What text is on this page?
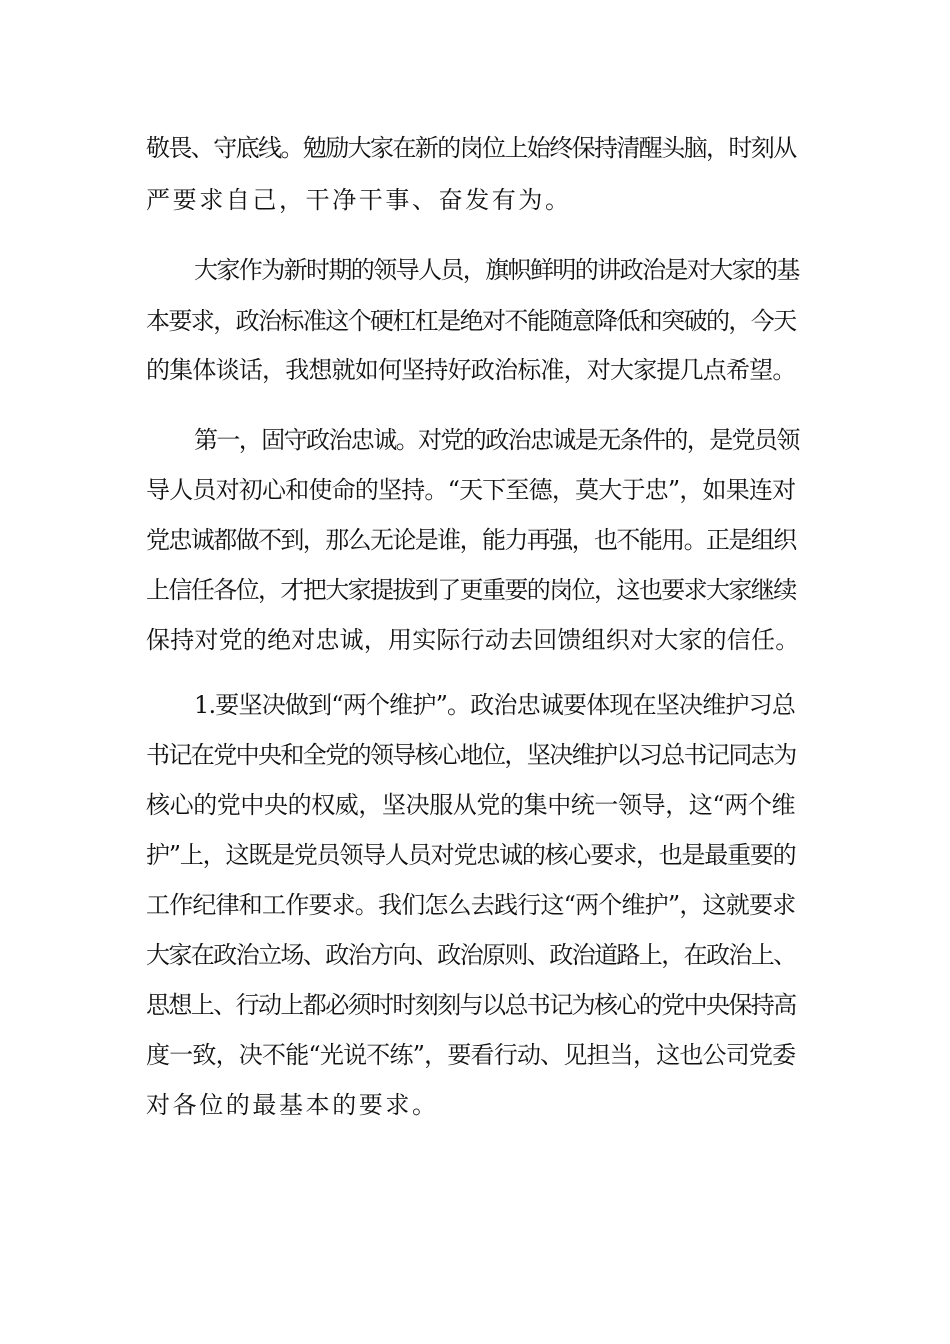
敬畏、守底线。勉励大家在新的岗位上始终保持清醒头脑，时刻从

严要求自己，干净干事、奋发有为。

大家作为新时期的领导人员，旗帜鲜明的讲政治是对大家的基

本要求，政治标准这个硬杠杠是绝对不能随意降低和突破的，今天

的集体谈话，我想就如何坚持好政治标准，对大家提几点希望。

第一，固守政治忠诚。对党的政治忠诚是无条件的，是党员领

导人员对初心和使命的坚持。“天下至德，莫大于忠”，如果连对

党忠诚都做不到，那么无论是谁，能力再强，也不能用。正是组织

上信任各位，才把大家提拔到了更重要的岗位，这也要求大家继续

保持对党的绝对忠诚，用实际行动去回馈组织对大家的信任。

1.要坚决做到“两个维护”。政治忠诚要体现在坚决维护习总

书记在党中央和全党的领导核心地位，坚决维护以习总书记同志为

核心的党中央的权威，坚决服从党的集中统一领导，这“两个维

护”上，这既是党员领导人员对党忠诚的核心要求，也是最重要的

工作纪律和工作要求。我们怎么去践行这“两个维护”，这就要求

大家在政治立场、政治方向、政治原则、政治道路上，在政治上、

思想上、行动上都必须时时刻刻与以总书记为核心的党中央保持高

度一致，决不能“光说不练”，要看行动、见担当，这也公司党委

对各位的最基本的要求。
